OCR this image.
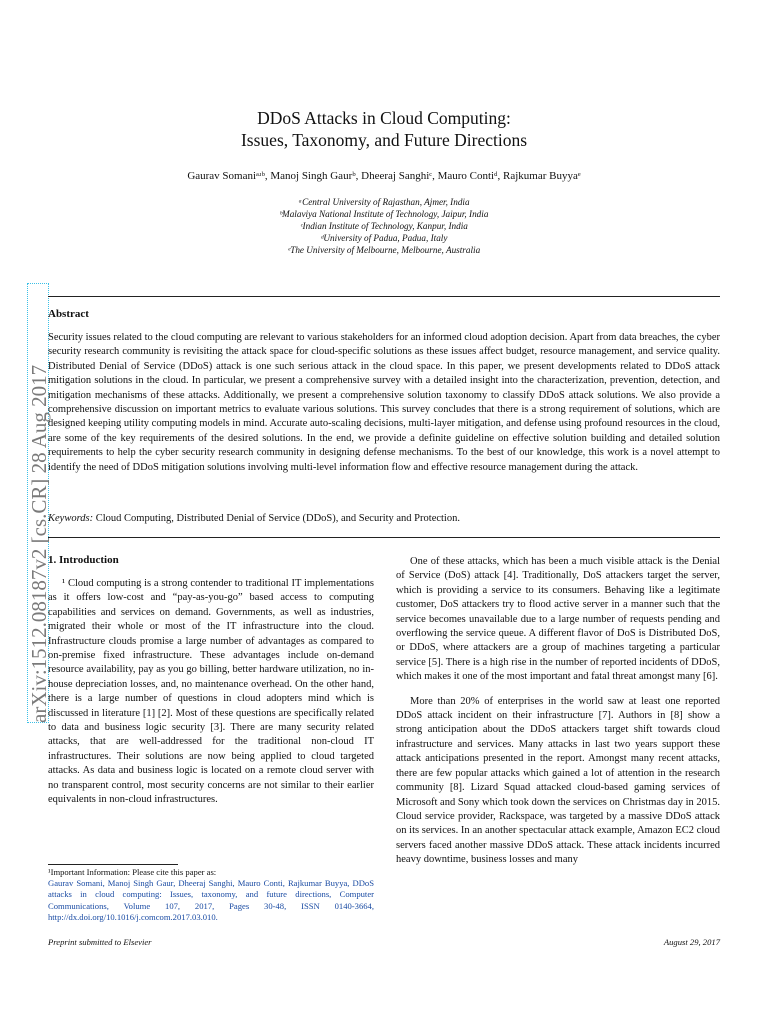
arXiv:1512.08187v2 [cs.CR] 28 Aug 2017
DDoS Attacks in Cloud Computing:
Issues, Taxonomy, and Future Directions
Gaurav Somaniᵃʴᵇ, Manoj Singh Gaurᵇ, Dheeraj Sanghiᶜ, Mauro Contiᵈ, Rajkumar Buyyaᵉ
ᵃCentral University of Rajasthan, Ajmer, India
ᵇMalaviya National Institute of Technology, Jaipur, India
ᶜIndian Institute of Technology, Kanpur, India
ᵈUniversity of Padua, Padua, Italy
ᵉThe University of Melbourne, Melbourne, Australia
Abstract
Security issues related to the cloud computing are relevant to various stakeholders for an informed cloud adoption decision. Apart from data breaches, the cyber security research community is revisiting the attack space for cloud-specific solutions as these issues affect budget, resource management, and service quality. Distributed Denial of Service (DDoS) attack is one such serious attack in the cloud space. In this paper, we present developments related to DDoS attack mitigation solutions in the cloud. In particular, we present a comprehensive survey with a detailed insight into the characterization, prevention, detection, and mitigation mechanisms of these attacks. Additionally, we present a comprehensive solution taxonomy to classify DDoS attack solutions. We also provide a comprehensive discussion on important metrics to evaluate various solutions. This survey concludes that there is a strong requirement of solutions, which are designed keeping utility computing models in mind. Accurate auto-scaling decisions, multi-layer mitigation, and defense using profound resources in the cloud, are some of the key requirements of the desired solutions. In the end, we provide a definite guideline on effective solution building and detailed solution requirements to help the cyber security research community in designing defense mechanisms. To the best of our knowledge, this work is a novel attempt to identify the need of DDoS mitigation solutions involving multi-level information flow and effective resource management during the attack.
Keywords: Cloud Computing, Distributed Denial of Service (DDoS), and Security and Protection.
1. Introduction

¹ Cloud computing is a strong contender to traditional IT implementations as it offers low-cost and “pay-as-you-go” based access to computing capabilities and services on demand. Governments, as well as industries, migrated their whole or most of the IT infrastructure into the cloud. Infrastructure clouds promise a large number of advantages as compared to on-premise fixed infrastructure. These advantages include on-demand resource availability, pay as you go billing, better hardware utilization, no in-house depreciation losses, and, no maintenance overhead. On the other hand, there is a large number of questions in cloud adopters mind which is discussed in literature [1] [2]. Most of these questions are specifically related to data and business logic security [3]. There are many security related attacks, that are well-addressed for the traditional non-cloud IT infrastructures. Their solutions are now being applied to cloud targeted attacks. As data and business logic is located on a remote cloud server with no transparent control, most security concerns are not similar to their earlier equivalents in non-cloud infrastructures.

One of these attacks, which has been a much visible attack is the Denial of Service (DoS) attack [4]. Traditionally, DoS attackers target the server, which is providing a service to its consumers. Behaving like a legitimate customer, DoS attackers try to flood active server in a manner such that the service becomes unavailable due to a large number of requests pending and overflowing the service queue. A different flavor of DoS is Distributed DoS, or DDoS, where attackers are a group of machines targeting a particular service [5]. There is a high rise in the number of reported incidents of DDoS, which makes it one of the most important and fatal threat amongst many [6].

More than 20% of enterprises in the world saw at least one reported DDoS attack incident on their infrastructure [7]. Authors in [8] show a strong anticipation about the DDoS attackers target shift towards cloud infrastructure and services. Many attacks in last two years support these attack anticipations presented in the report. Amongst many recent attacks, there are few popular attacks which gained a lot of attention in the research community [8]. Lizard Squad attacked cloud-based gaming services of Microsoft and Sony which took down the services on Christmas day in 2015. Cloud service provider, Rackspace, was targeted by a massive DDoS attack on its services. In an another spectacular attack example, Amazon EC2 cloud servers faced another massive DDoS attack. These attack incidents incurred heavy downtime, business losses and many

¹Important Information: Please cite this paper as:
Gaurav Somani, Manoj Singh Gaur, Dheeraj Sanghi, Mauro Conti, Rajkumar Buyya, DDoS attacks in cloud computing: Issues, taxonomy, and future directions, Computer Communications, Volume 107, 2017, Pages 30-48, ISSN 0140-3664, http://dx.doi.org/10.1016/j.comcom.2017.03.010.
Preprint submitted to Elsevier	August 29, 2017
